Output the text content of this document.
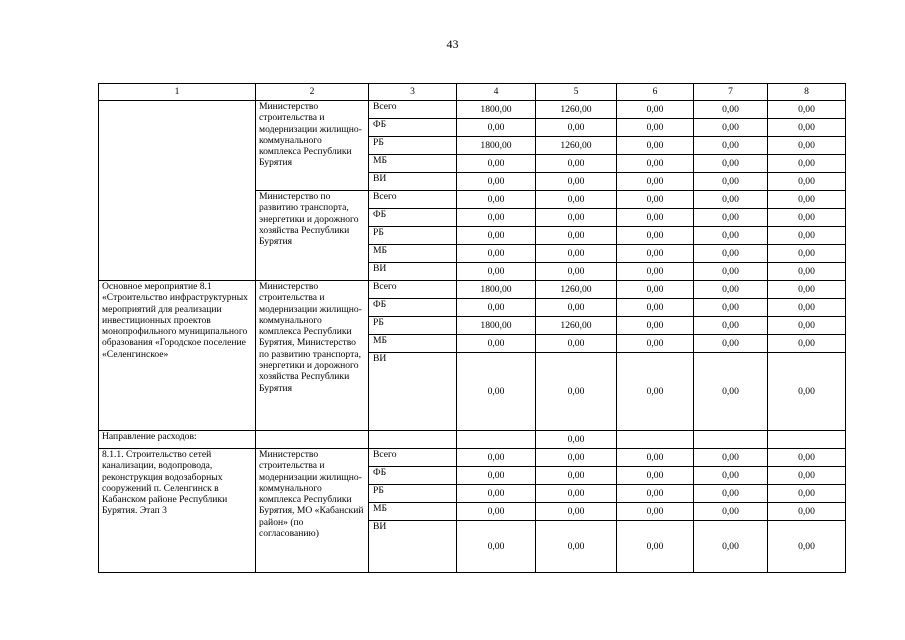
43
1	2	3	4	5	6	7	8
	Министерство строительства и модернизации жилищно-коммунального комплекса Республики Бурятия	Всего	1800,00	1260,00	0,00	0,00	0,00
		ФБ	0,00	0,00	0,00	0,00	0,00
		РБ	1800,00	1260,00	0,00	0,00	0,00
		МБ	0,00	0,00	0,00	0,00	0,00
		ВИ	0,00	0,00	0,00	0,00	0,00
	Министерство по развитию транспорта, энергетики и дорожного хозяйства Республики Бурятия	Всего	0,00	0,00	0,00	0,00	0,00
		ФБ	0,00	0,00	0,00	0,00	0,00
		РБ	0,00	0,00	0,00	0,00	0,00
		МБ	0,00	0,00	0,00	0,00	0,00
		ВИ	0,00	0,00	0,00	0,00	0,00
Основное мероприятие 8.1 «Строительство инфраструктурных мероприятий для реализации инвестиционных проектов монопрофильного муниципального образования «Городское поселение «Селенгинское»	Министерство строительства и модернизации жилищно-коммунального комплекса Республики Бурятия, Министерство по развитию транспорта, энергетики и дорожного хозяйства Республики Бурятия	Всего	1800,00	1260,00	0,00	0,00	0,00
		ФБ	0,00	0,00	0,00	0,00	0,00
		РБ	1800,00	1260,00	0,00	0,00	0,00
		МБ	0,00	0,00	0,00	0,00	0,00
		ВИ	0,00	0,00	0,00	0,00	0,00
Направление расходов:				0,00			
8.1.1. Строительство сетей канализации, водопровода, реконструкция водозаборных сооружений п. Селенгинск в Кабанском районе Республики Бурятия. Этап 3	Министерство строительства и модернизации жилищно-коммунального комплекса Республики Бурятия, МО «Кабанский район» (по согласованию)	Всего	0,00	0,00	0,00	0,00	0,00
		ФБ	0,00	0,00	0,00	0,00	0,00
		РБ	0,00	0,00	0,00	0,00	0,00
		МБ	0,00	0,00	0,00	0,00	0,00
		ВИ	0,00	0,00	0,00	0,00	0,00
